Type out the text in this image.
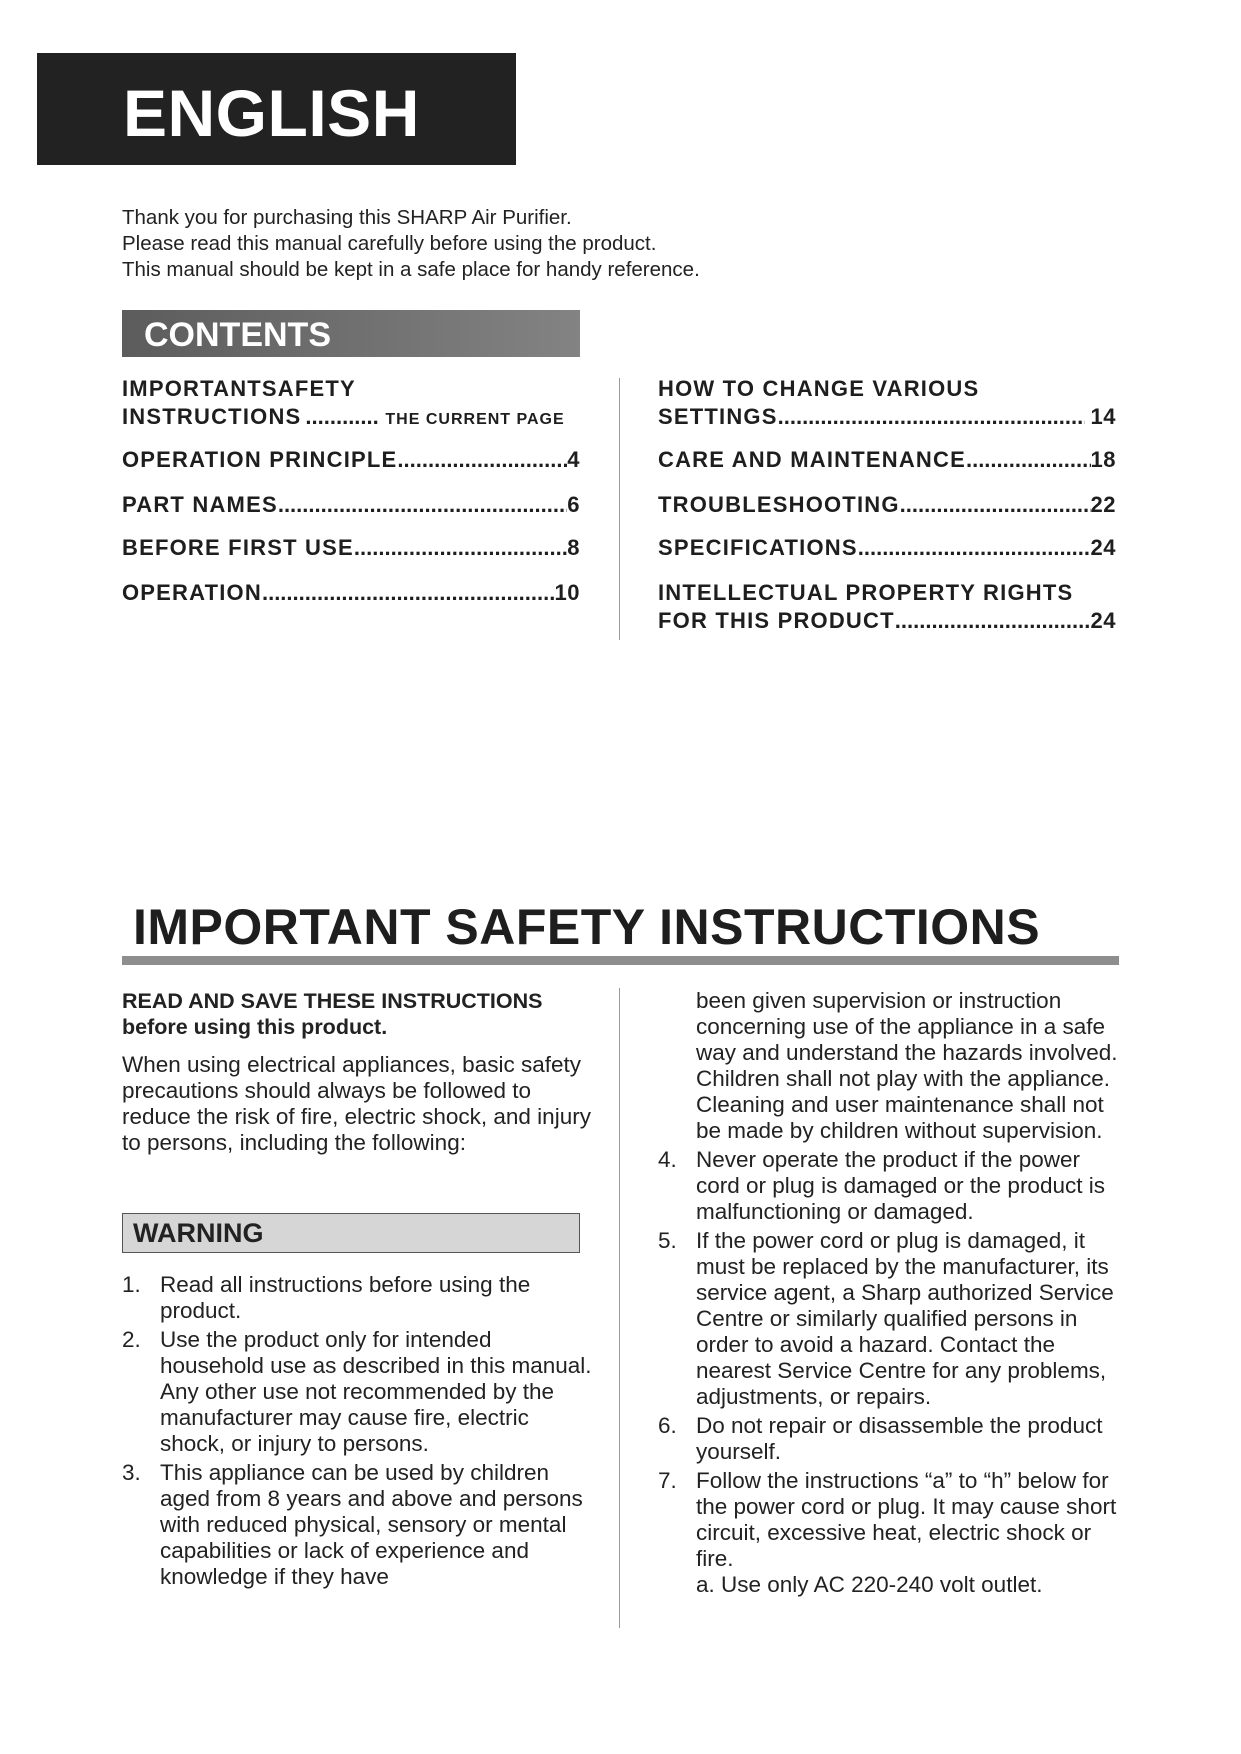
ENGLISH
Thank you for purchasing this SHARP Air Purifier.
Please read this manual carefully before using the product.
This manual should be kept in a safe place for handy reference.
CONTENTS
IMPORTANTSAFETY
INSTRUCTIONS .....	THE CURRENT PAGE
OPERATION PRINCIPLE .....	4
PART NAMES .....	6
BEFORE FIRST USE .....	8
OPERATION .....	10
HOW TO CHANGE VARIOUS
SETTINGS .....	14
CARE AND MAINTENANCE .....	18
TROUBLESHOOTING .....	22
SPECIFICATIONS .....	24
INTELLECTUAL PROPERTY RIGHTS
FOR THIS PRODUCT .....	24
IMPORTANT SAFETY INSTRUCTIONS

READ AND SAVE THESE INSTRUCTIONS

before using this product.

When using electrical appliances, basic safety precautions should always be followed to reduce the risk of fire, electric shock, and injury to persons, including the following:

WARNING
1. Read all instructions before using the product.
2. Use the product only for intended household use as described in this manual. Any other use not recommended by the manufacturer may cause fire, electric shock, or injury to persons.
3. This appliance can be used by children aged from 8 years and above and persons with reduced physical, sensory or mental capabilities or lack of experience and knowledge if they have
been given supervision or instruction concerning use of the appliance in a safe way and understand the hazards involved. Children shall not play with the appliance. Cleaning and user maintenance shall not be made by children without supervision.
4. Never operate the product if the power cord or plug is damaged or the product is malfunctioning or damaged.
5. If the power cord or plug is damaged, it must be replaced by the manufacturer, its service agent, a Sharp authorized Service Centre or similarly qualified persons in order to avoid a hazard. Contact the nearest Service Centre for any problems, adjustments, or repairs.
6. Do not repair or disassemble the product yourself.
7. Follow the instructions “a” to “h” below for the power cord or plug. It may cause short circuit, excessive heat, electric shock or fire.
a. Use only AC 220-240 volt outlet.
